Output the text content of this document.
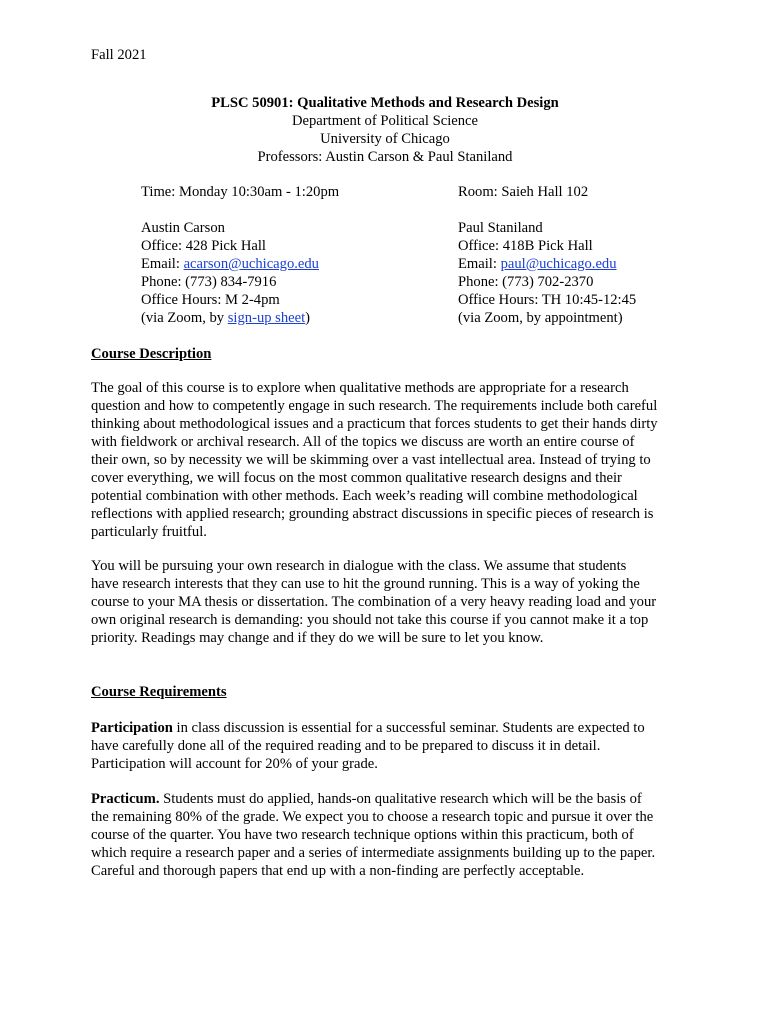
Fall 2021
PLSC 50901: Qualitative Methods and Research Design
Department of Political Science
University of Chicago
Professors: Austin Carson & Paul Staniland
Time: Monday 10:30am - 1:20pm	Room: Saieh Hall 102
Austin Carson
Office: 428 Pick Hall
Email: acarson@uchicago.edu
Phone: (773) 834-7916
Office Hours: M 2-4pm
(via Zoom, by sign-up sheet)
Paul Staniland
Office: 418B Pick Hall
Email: paul@uchicago.edu
Phone: (773) 702-2370
Office Hours: TH 10:45-12:45
(via Zoom, by appointment)
Course Description
The goal of this course is to explore when qualitative methods are appropriate for a research
question and how to competently engage in such research. The requirements include both careful
thinking about methodological issues and a practicum that forces students to get their hands dirty
with fieldwork or archival research. All of the topics we discuss are worth an entire course of
their own, so by necessity we will be skimming over a vast intellectual area. Instead of trying to
cover everything, we will focus on the most common qualitative research designs and their
potential combination with other methods. Each week’s reading will combine methodological
reflections with applied research; grounding abstract discussions in specific pieces of research is
particularly fruitful.
You will be pursuing your own research in dialogue with the class. We assume that students
have research interests that they can use to hit the ground running. This is a way of yoking the
course to your MA thesis or dissertation. The combination of a very heavy reading load and your
own original research is demanding: you should not take this course if you cannot make it a top
priority. Readings may change and if they do we will be sure to let you know.
Course Requirements
Participation in class discussion is essential for a successful seminar. Students are expected to
have carefully done all of the required reading and to be prepared to discuss it in detail.
Participation will account for 20% of your grade.
Practicum. Students must do applied, hands-on qualitative research which will be the basis of
the remaining 80% of the grade. We expect you to choose a research topic and pursue it over the
course of the quarter. You have two research technique options within this practicum, both of
which require a research paper and a series of intermediate assignments building up to the paper.
Careful and thorough papers that end up with a non-finding are perfectly acceptable.
